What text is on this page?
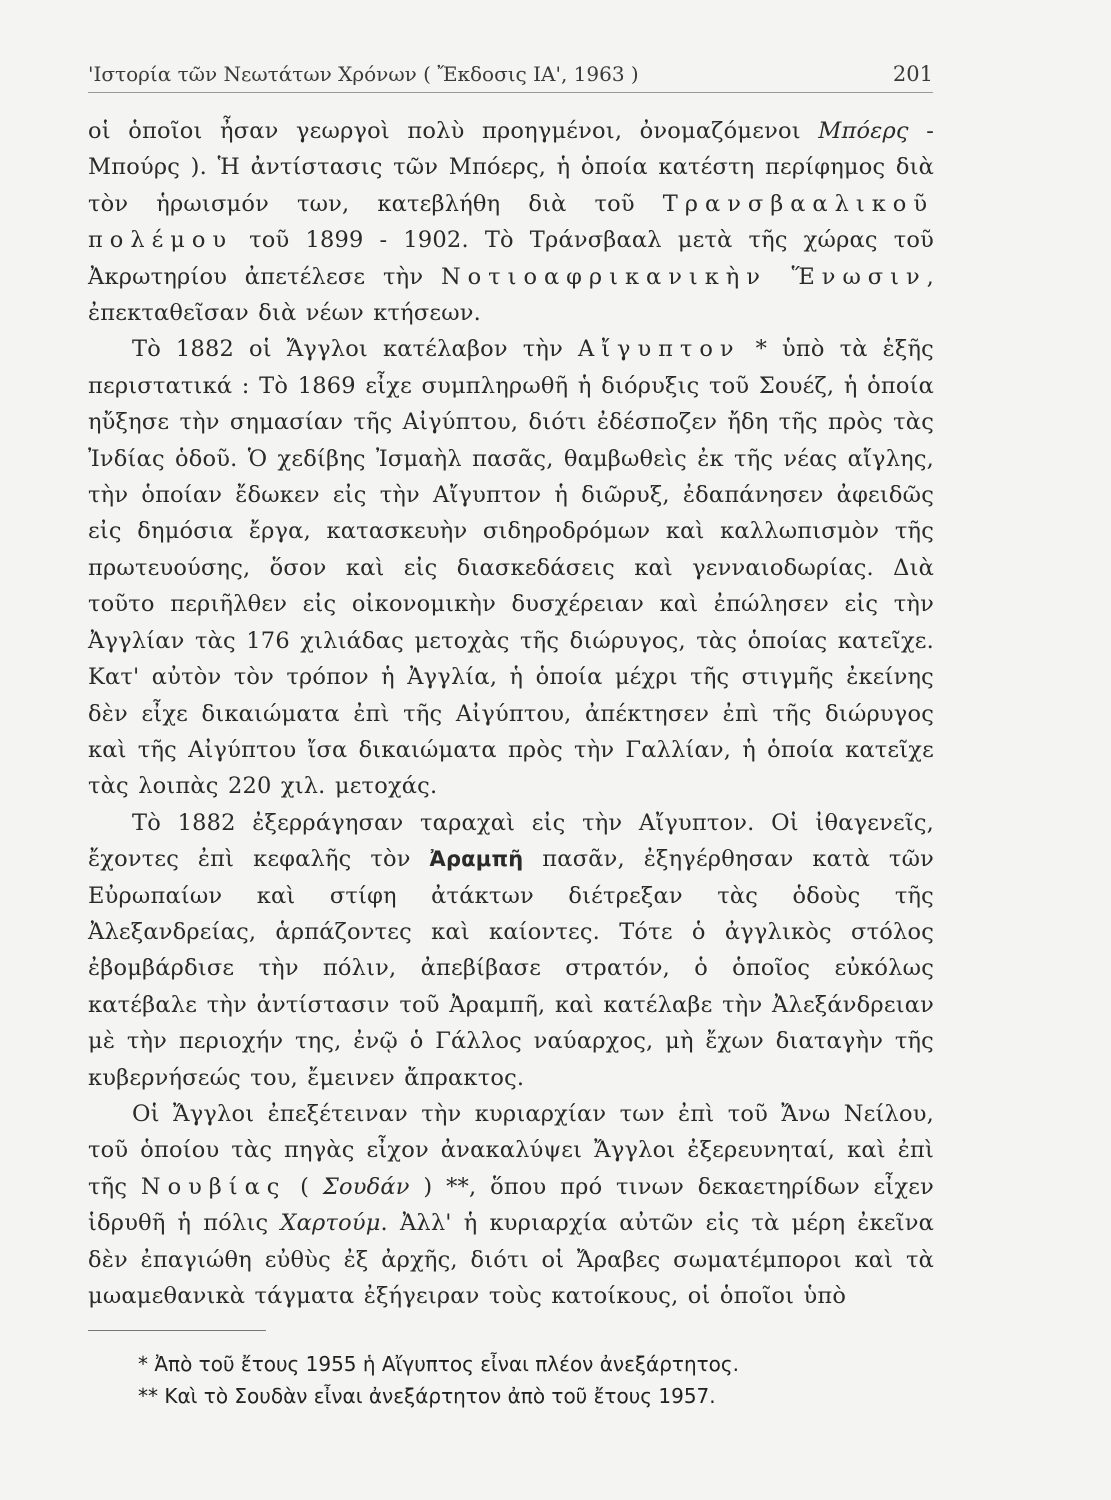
'Ιστορία τῶν Νεωτάτων Χρόνων ( Ἔκδοσις ΙΑ', 1963 )	201

οἱ ὁποῖοι ἦσαν γεωργοὶ πολὺ προηγμένοι, ὀνομαζόμενοι Μπόερς - Μπούρς ). Ἡ ἀντίστασις τῶν Μπόερς, ἡ ὁποία κατέστη περίφημος διὰ τὸν ἡρωισμόν των, κατεβλήθη διὰ τοῦ Τρανσβααλικοῦ πολέμου τοῦ 1899 - 1902. Τὸ Τράνσβααλ μετὰ τῆς χώρας τοῦ Ἀκρωτηρίου ἀπετέλεσε τὴν Νοτιοαφρικανικὴν Ἕνωσιν, ἐπεκταθεῖσαν διὰ νέων κτήσεων.

Τὸ 1882 οἱ Ἄγγλοι κατέλαβον τὴν Αἴγυπτον * ὑπὸ τὰ ἑξῆς περιστατικά : Τὸ 1869 εἶχε συμπληρωθῆ ἡ διόρυξις τοῦ Σουέζ, ἡ ὁποία ηὔξησε τὴν σημασίαν τῆς Αἰγύπτου, διότι ἐδέσποζεν ἤδη τῆς πρὸς τὰς Ἰνδίας ὁδοῦ. Ὁ χεδίβης Ἰσμαὴλ πασᾶς, θαμβωθεὶς ἐκ τῆς νέας αἴγλης, τὴν ὁποίαν ἔδωκεν εἰς τὴν Αἴγυπτον ἡ διῶρυξ, ἐδαπάνησεν ἀφειδῶς εἰς δημόσια ἔργα, κατασκευὴν σιδηροδρόμων καὶ καλλωπισμὸν τῆς πρωτευούσης, ὅσον καὶ εἰς διασκεδάσεις καὶ γενναιοδωρίας. Διὰ τοῦτο περιῆλθεν εἰς οἰκονομικὴν δυσχέρειαν καὶ ἐπώλησεν εἰς τὴν Ἀγγλίαν τὰς 176 χιλιάδας μετοχὰς τῆς διώρυγος, τὰς ὁποίας κατεῖχε. Κατ' αὐτὸν τὸν τρόπον ἡ Ἀγγλία, ἡ ὁποία μέχρι τῆς στιγμῆς ἐκείνης δὲν εἶχε δικαιώματα ἐπὶ τῆς Αἰγύπτου, ἀπέκτησεν ἐπὶ τῆς διώρυγος καὶ τῆς Αἰγύπτου ἴσα δικαιώματα πρὸς τὴν Γαλλίαν, ἡ ὁποία κατεῖχε τὰς λοιπὰς 220 χιλ. μετοχάς.

Τὸ 1882 ἐξερράγησαν ταραχαὶ εἰς τὴν Αἴγυπτον. Οἱ ἰθαγενεῖς, ἔχοντες ἐπὶ κεφαλῆς τὸν Ἀραμπῆ πασᾶν, ἐξηγέρθησαν κατὰ τῶν Εὐρωπαίων καὶ στίφη ἀτάκτων διέτρεξαν τὰς ὁδοὺς τῆς Ἀλεξανδρείας, ἁρπάζοντες καὶ καίοντες. Τότε ὁ ἀγγλικὸς στόλος ἐβομβάρδισε τὴν πόλιν, ἀπεβίβασε στρατόν, ὁ ὁποῖος εὐκόλως κατέβαλε τὴν ἀντίστασιν τοῦ Ἀραμπῆ, καὶ κατέλαβε τὴν Ἀλεξάνδρειαν μὲ τὴν περιοχήν της, ἐνῷ ὁ Γάλλος ναύαρχος, μὴ ἔχων διαταγὴν τῆς κυβερνήσεώς του, ἔμεινεν ἄπρακτος.

Οἱ Ἄγγλοι ἐπεξέτειναν τὴν κυριαρχίαν των ἐπὶ τοῦ Ἄνω Νείλου, τοῦ ὁποίου τὰς πηγὰς εἶχον ἀνακαλύψει Ἄγγλοι ἐξερευνηταί, καὶ ἐπὶ τῆς Νουβίας ( Σουδάν ) **, ὅπου πρό τινων δεκαετηρίδων εἶχεν ἱδρυθῆ ἡ πόλις Χαρτούμ. Ἀλλ' ἡ κυριαρχία αὐτῶν εἰς τὰ μέρη ἐκεῖνα δὲν ἐπαγιώθη εὐθὺς ἐξ ἀρχῆς, διότι οἱ Ἄραβες σωματέμποροι καὶ τὰ μωαμεθανικὰ τάγματα ἐξήγειραν τοὺς κατοίκους, οἱ ὁποῖοι ὑπὸ

* Ἀπὸ τοῦ ἔτους 1955 ἡ Αἴγυπτος εἶναι πλέον ἀνεξάρτητος.
** Καὶ τὸ Σουδὰν εἶναι ἀνεξάρτητον ἀπὸ τοῦ ἔτους 1957.
